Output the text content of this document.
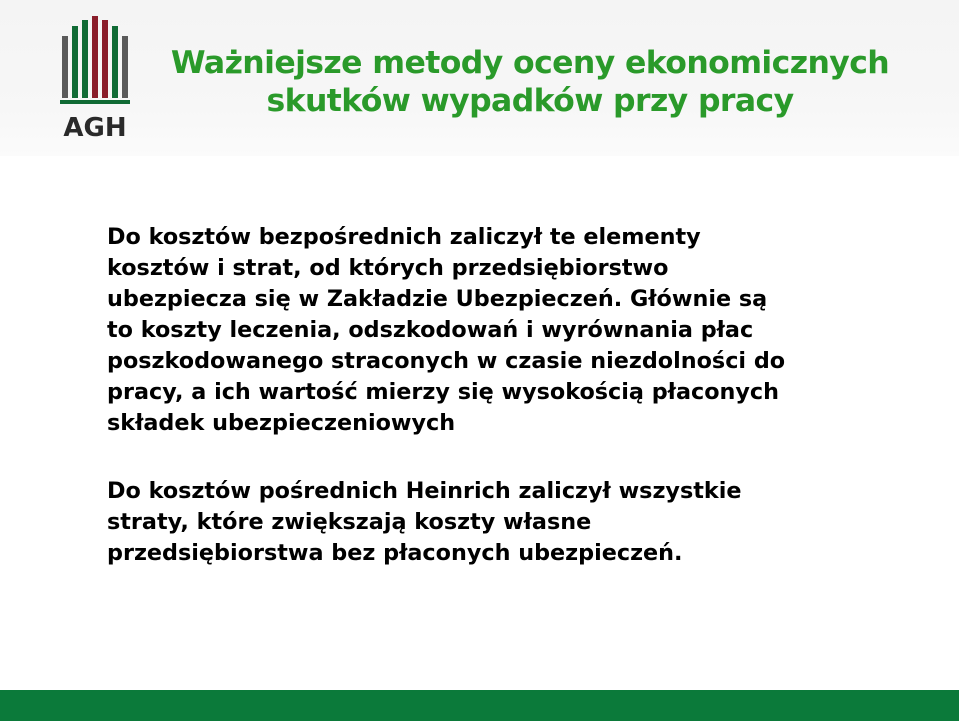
AGH
Ważniejsze metody oceny ekonomicznych
skutków wypadków przy pracy
Do kosztów bezpośrednich zaliczył te elementy
kosztów i strat, od których przedsiębiorstwo
ubezpiecza się w Zakładzie Ubezpieczeń. Głównie są
to koszty leczenia, odszkodowań i wyrównania płac
poszkodowanego straconych w czasie niezdolności do
pracy, a ich wartość mierzy się wysokością płaconych
składek ubezpieczeniowych
Do kosztów pośrednich Heinrich zaliczył wszystkie
straty, które zwiększają koszty własne
przedsiębiorstwa bez płaconych ubezpieczeń.
